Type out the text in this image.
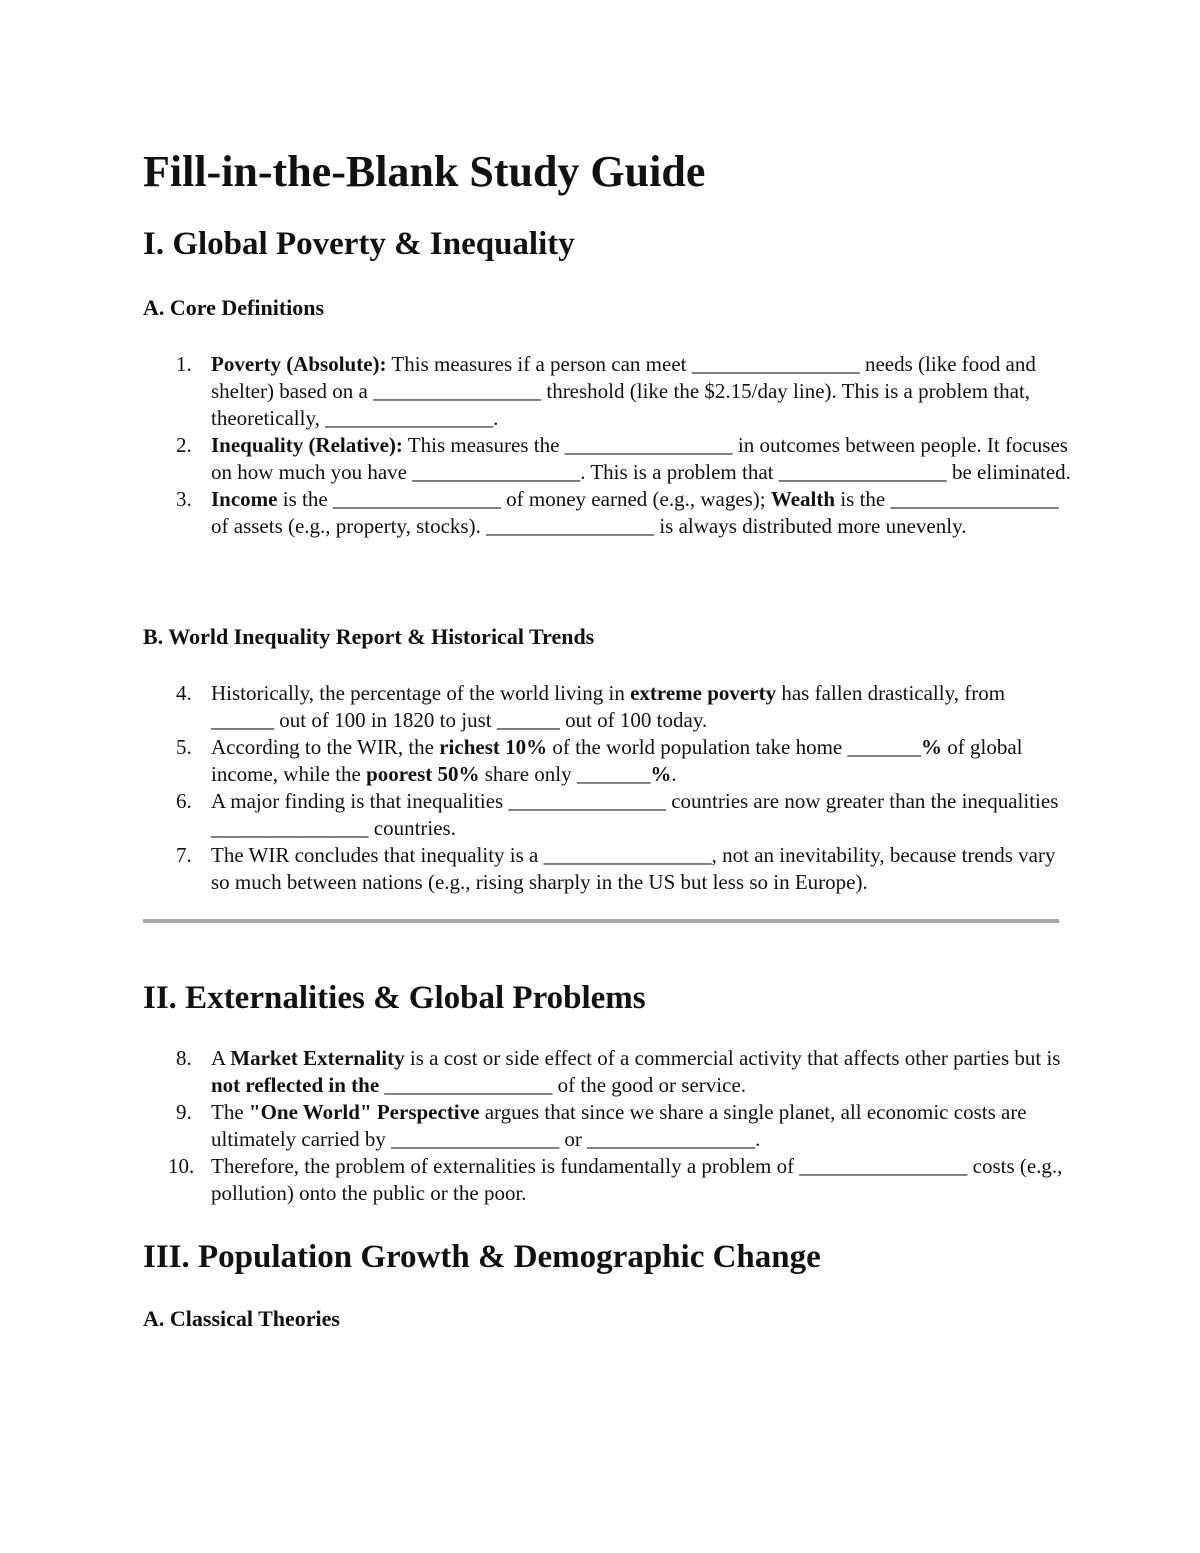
Fill-in-the-Blank Study Guide
I. Global Poverty & Inequality
A. Core Definitions
1. Poverty (Absolute): This measures if a person can meet ________________ needs (like food and shelter) based on a ________________ threshold (like the $2.15/day line). This is a problem that, theoretically, ________________.
2. Inequality (Relative): This measures the ________________ in outcomes between people. It focuses on how much you have ________________. This is a problem that ________________ be eliminated.
3. Income is the ________________ of money earned (e.g., wages); Wealth is the ________________ of assets (e.g., property, stocks). ________________ is always distributed more unevenly.
B. World Inequality Report & Historical Trends
4. Historically, the percentage of the world living in extreme poverty has fallen drastically, from ______ out of 100 in 1820 to just ______ out of 100 today.
5. According to the WIR, the richest 10% of the world population take home _______% of global income, while the poorest 50% share only _______%.
6. A major finding is that inequalities _______________ countries are now greater than the inequalities _______________ countries.
7. The WIR concludes that inequality is a ________________, not an inevitability, because trends vary so much between nations (e.g., rising sharply in the US but less so in Europe).
II. Externalities & Global Problems
8. A Market Externality is a cost or side effect of a commercial activity that affects other parties but is not reflected in the ________________ of the good or service.
9. The "One World" Perspective argues that since we share a single planet, all economic costs are ultimately carried by ________________ or ________________.
10. Therefore, the problem of externalities is fundamentally a problem of ________________ costs (e.g., pollution) onto the public or the poor.
III. Population Growth & Demographic Change
A. Classical Theories
